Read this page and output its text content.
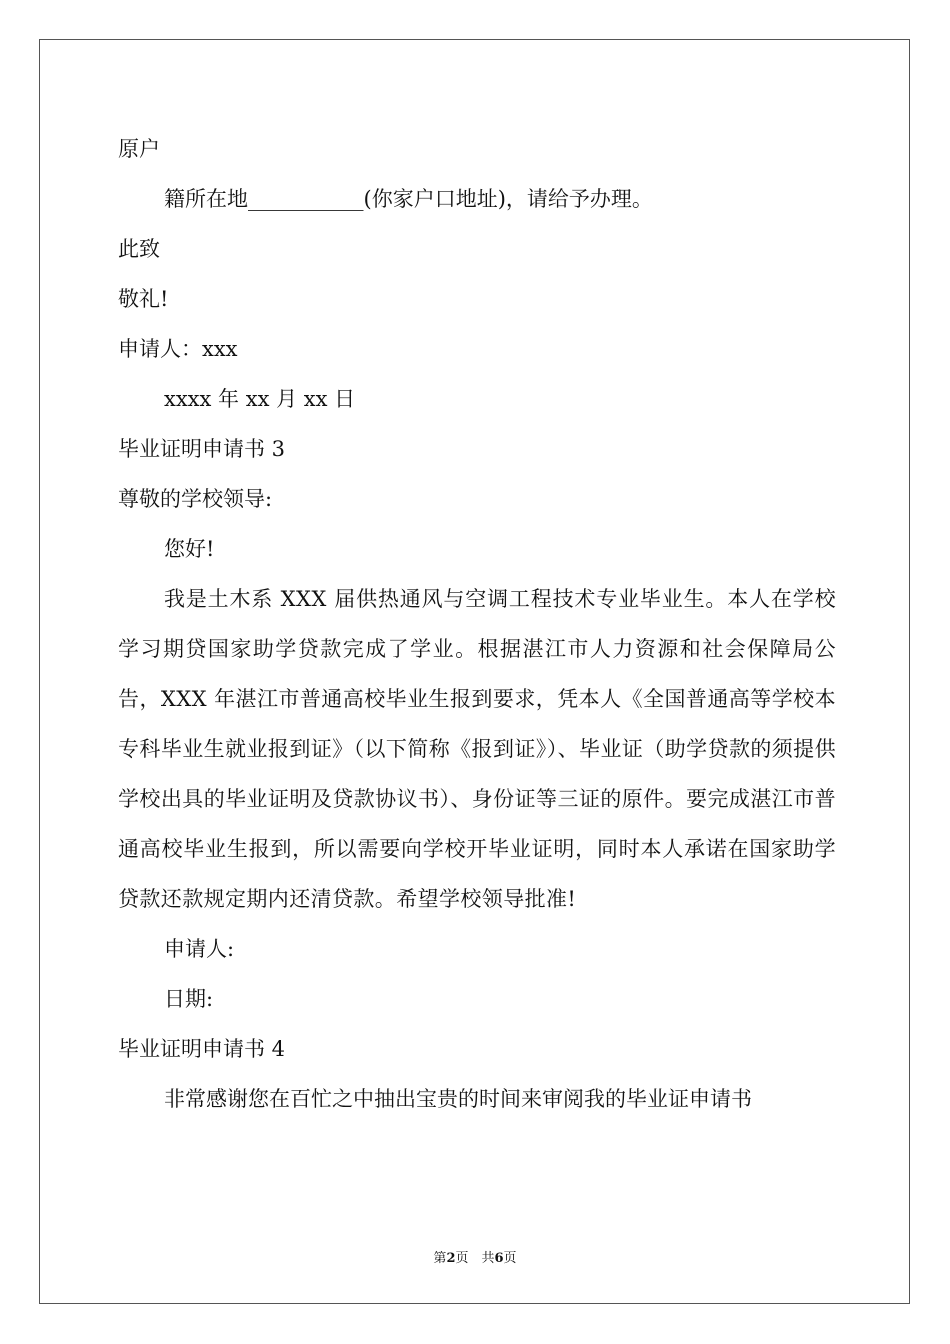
原户

籍所在地___________(你家户口地址)，请给予办理。

此致

敬礼!

申请人：xxx

xxxx 年 xx 月 xx 日

毕业证明申请书 3

尊敬的学校领导:

您好!

我是土木系 XXX 届供热通风与空调工程技术专业毕业生。本人在学校学习期贷国家助学贷款完成了学业。根据湛江市人力资源和社会保障局公告，XXX 年湛江市普通高校毕业生报到要求，凭本人《全国普通高等学校本专科毕业生就业报到证》（以下简称《报到证》）、毕业证（助学贷款的须提供学校出具的毕业证明及贷款协议书）、身份证等三证的原件。要完成湛江市普通高校毕业生报到，所以需要向学校开毕业证明，同时本人承诺在国家助学贷款还款规定期内还清贷款。希望学校领导批准!

申请人:

日期:

毕业证明申请书 4

非常感谢您在百忙之中抽出宝贵的时间来审阅我的毕业证申请书

第2页　共6页
